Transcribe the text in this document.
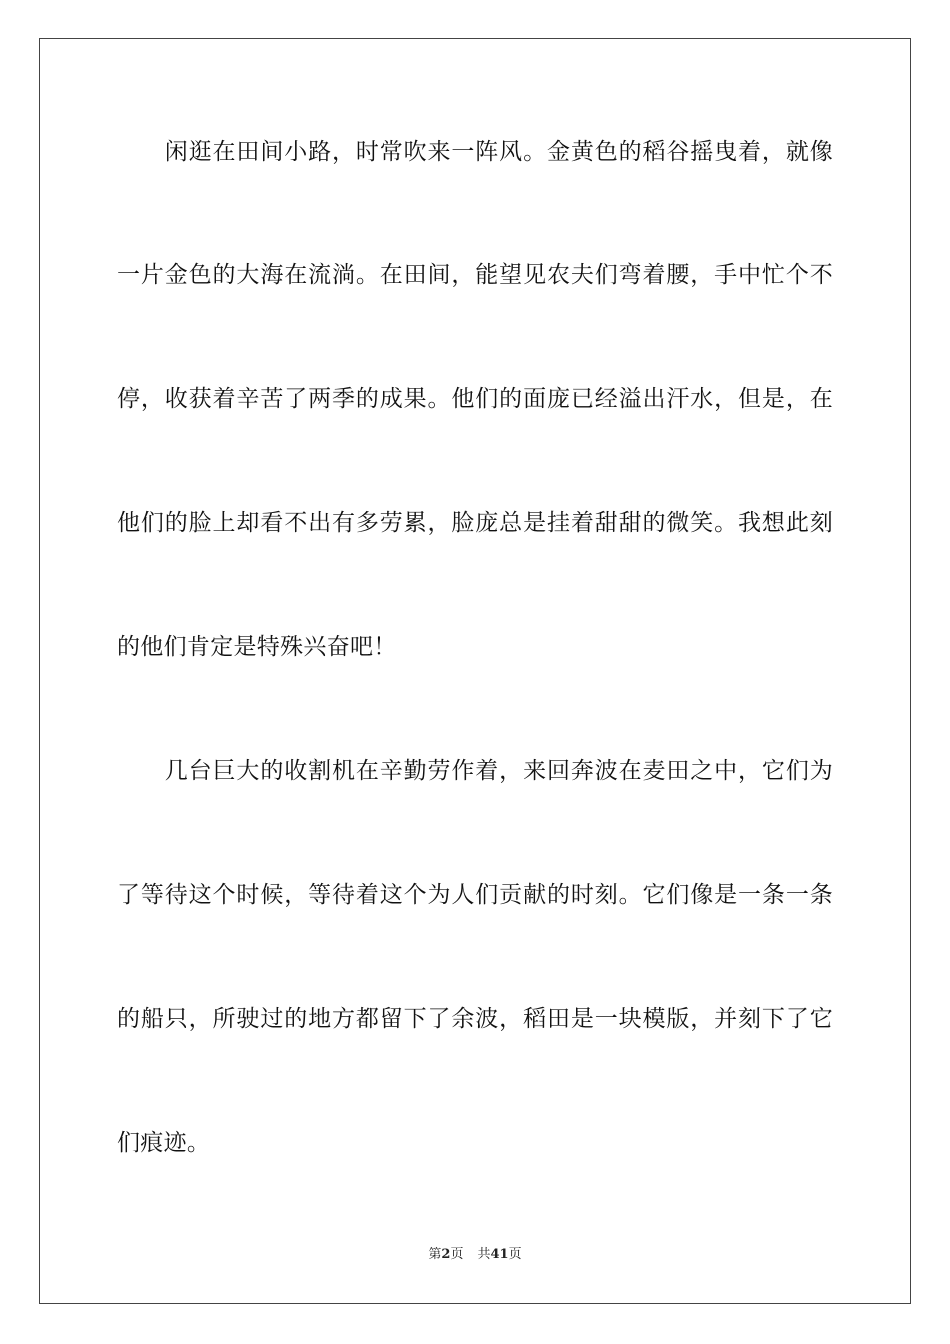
　　闲逛在田间小路，时常吹来一阵风。金黄色的稻谷摇曳着，就像
一片金色的大海在流淌。在田间，能望见农夫们弯着腰，手中忙个不
停，收获着辛苦了两季的成果。他们的面庞已经溢出汗水，但是，在
他们的脸上却看不出有多劳累，脸庞总是挂着甜甜的微笑。我想此刻
的他们肯定是特殊兴奋吧！
　　几台巨大的收割机在辛勤劳作着，来回奔波在麦田之中，它们为
了等待这个时候，等待着这个为人们贡献的时刻。它们像是一条一条
的船只，所驶过的地方都留下了余波，稻田是一块模版，并刻下了它
们痕迹。
第2页 共41页
